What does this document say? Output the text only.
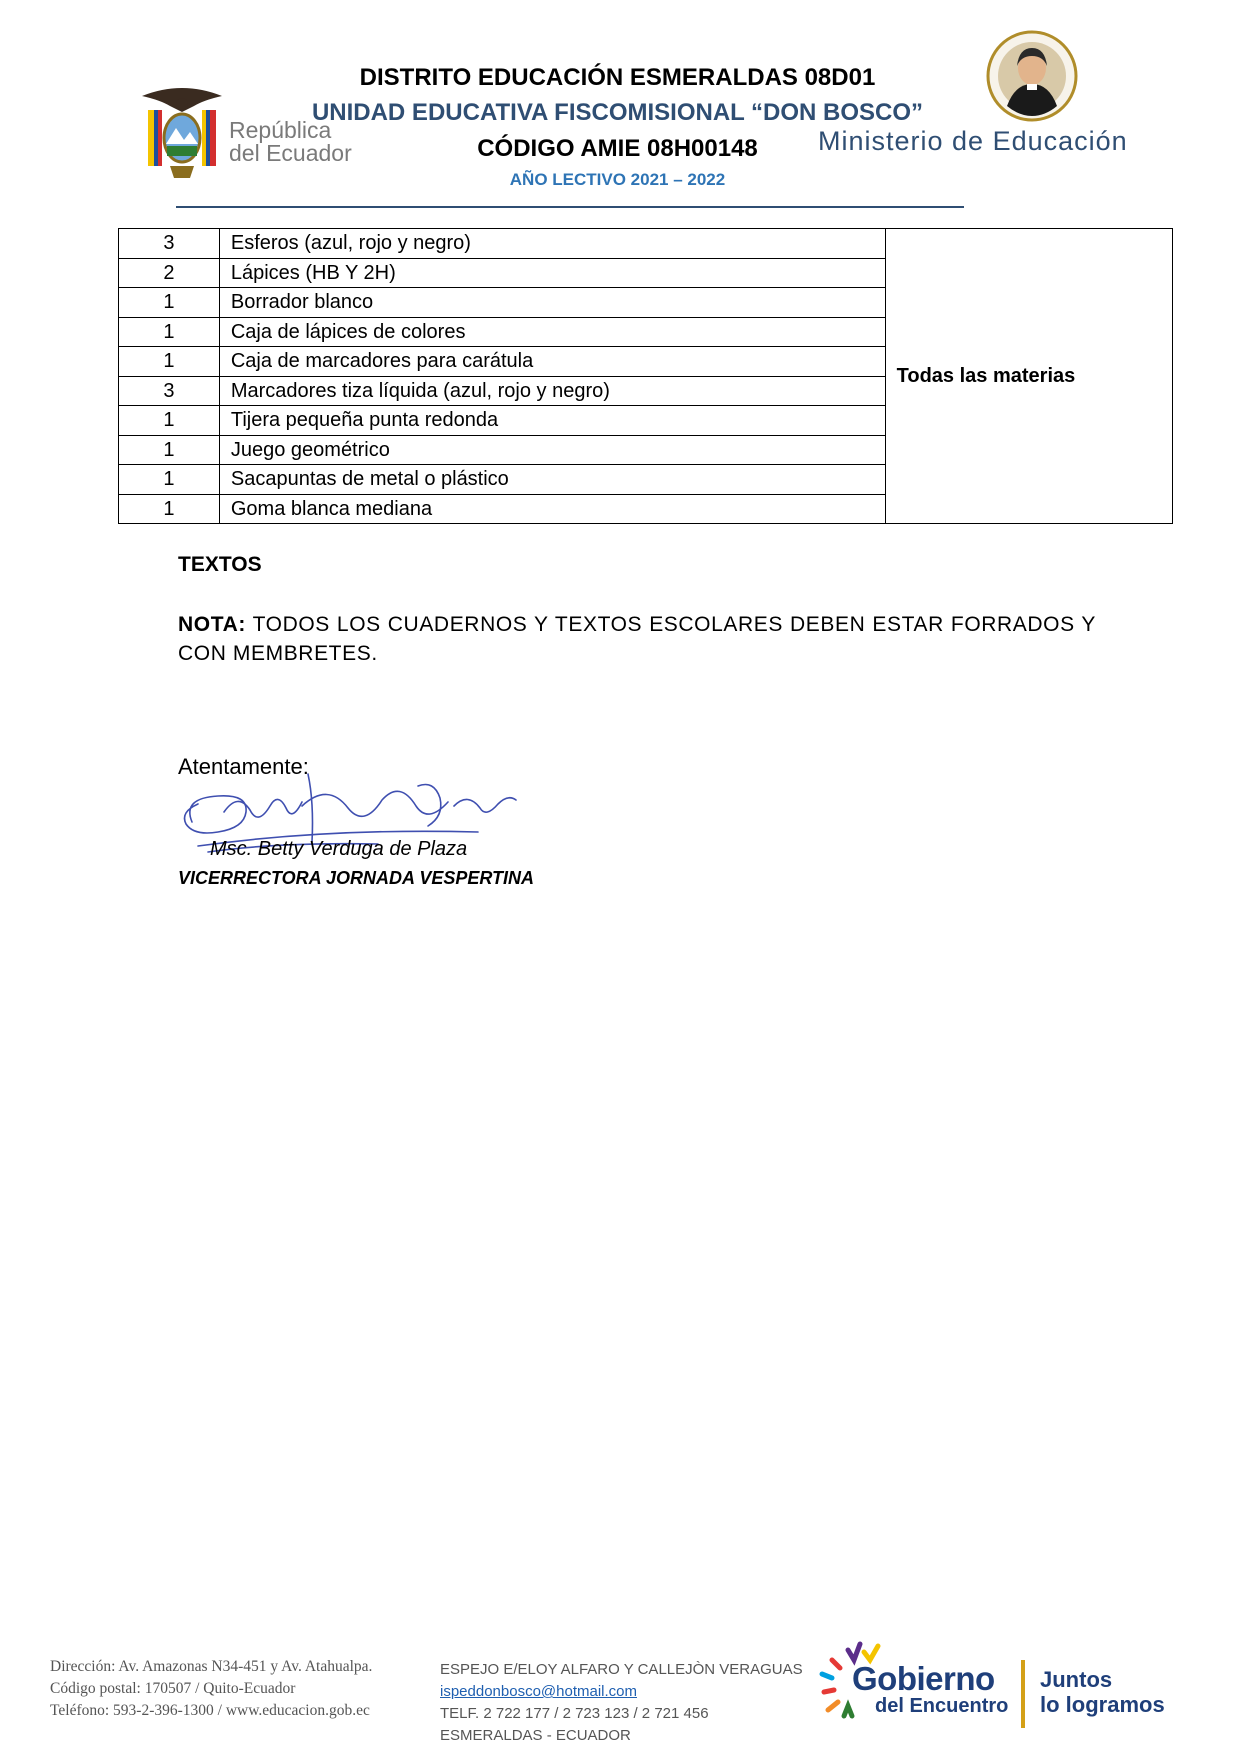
DISTRITO EDUCACIÓN ESMERALDAS 08D01
UNIDAD EDUCATIVA FISCOMISIONAL “DON BOSCO”
CÓDIGO AMIE 08H00148
AÑO LECTIVO 2021 – 2022
República
del Ecuador	Ministerio de Educación
3	Esferos (azul, rojo y negro)	Todas las materias
2	Lápices (HB Y 2H)	
1	Borrador blanco	
1	Caja de lápices de colores	
1	Caja de marcadores para carátula	
3	Marcadores tiza líquida (azul, rojo y negro)	
1	Tijera pequeña punta redonda	
1	Juego geométrico	
1	Sacapuntas de metal o plástico	
1	Goma blanca mediana	
TEXTOS
NOTA: TODOS LOS CUADERNOS Y TEXTOS ESCOLARES DEBEN ESTAR FORRADOS Y CON MEMBRETES.
Atentamente:
Msc. Betty Verduga de Plaza
VICERRECTORA JORNADA VESPERTINA
Dirección: Av. Amazonas N34-451 y Av. Atahualpa.
Código postal: 170507 / Quito-Ecuador
Teléfono: 593-2-396-1300 / www.educacion.gob.ec
ESPEJO E/ELOY ALFARO Y CALLEJÒN VERAGUAS
ispeddonbosco@hotmail.com
TELF. 2 722 177 / 2 723 123 / 2 721 456
ESMERALDAS - ECUADOR
Gobierno
del Encuentro
Juntos
lo logramos
